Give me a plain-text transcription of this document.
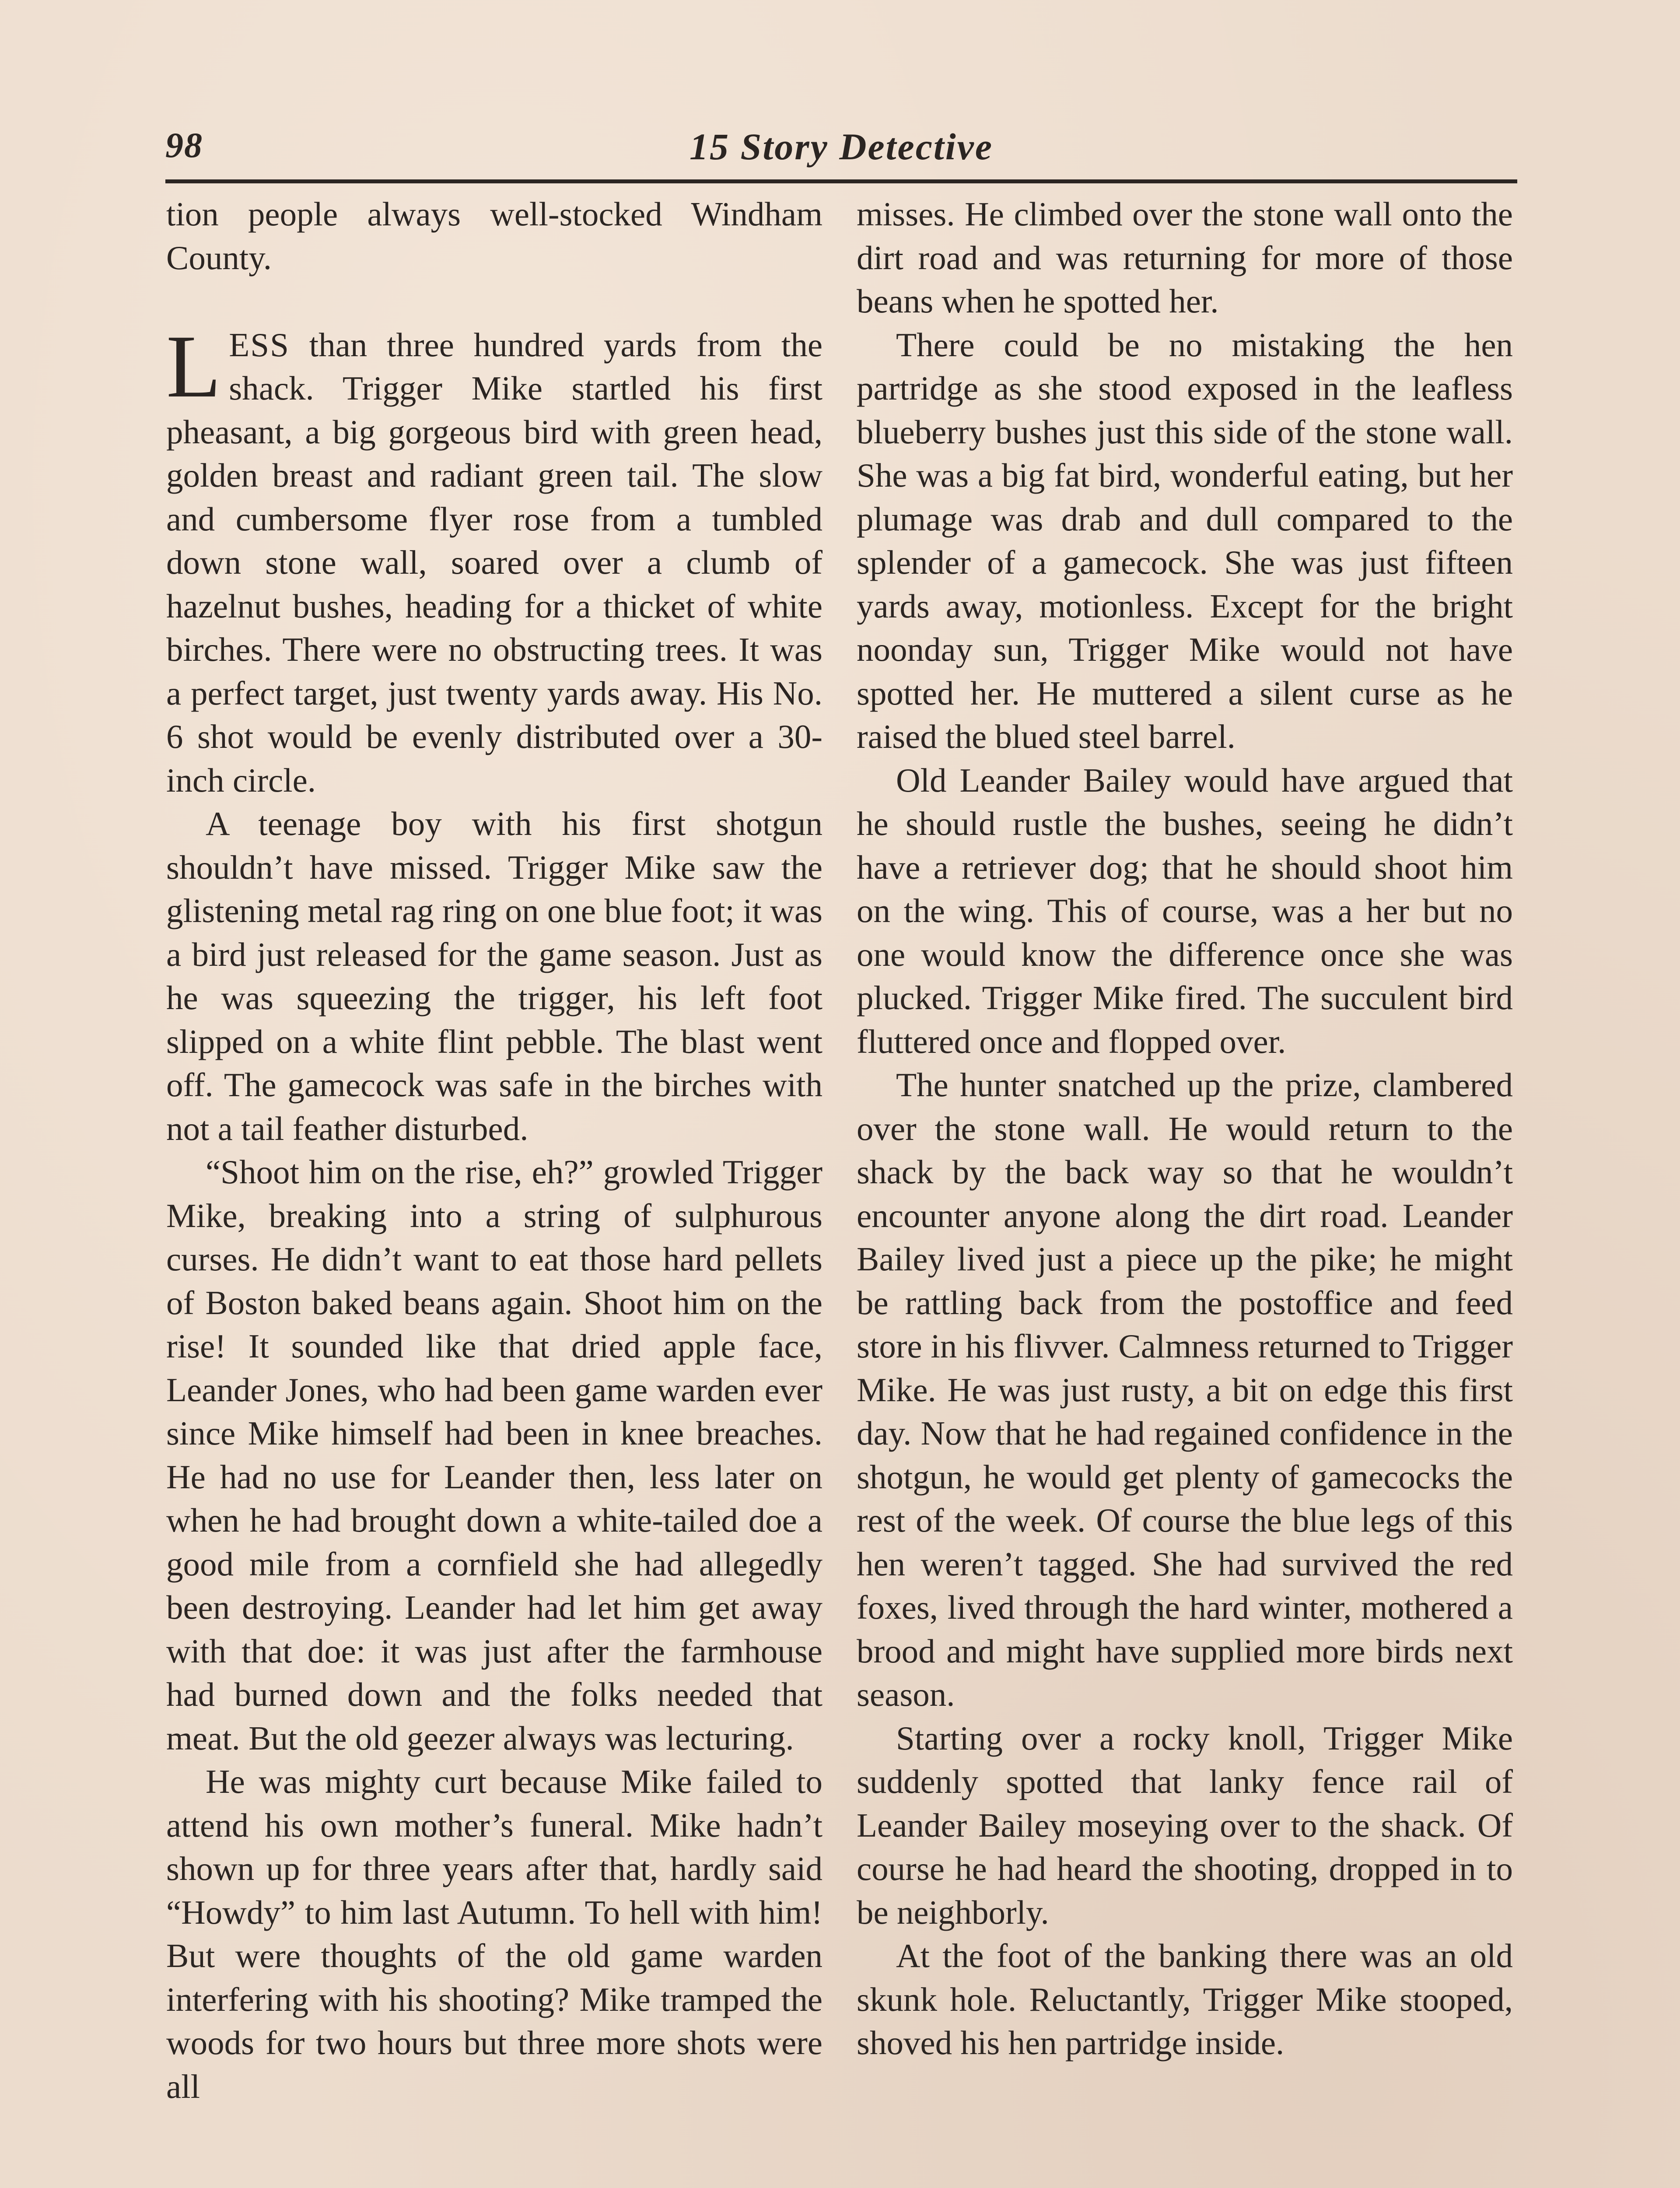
98	15 Story Detective

tion people always well-stocked Windham County.

LESS than three hundred yards from the shack. Trigger Mike startled his first pheasant, a big gorgeous bird with green head, golden breast and radiant green tail. The slow and cumbersome flyer rose from a tumbled down stone wall, soared over a clumb of hazelnut bushes, heading for a thicket of white birches. There were no obstructing trees. It was a perfect target, just twenty yards away. His No. 6 shot would be evenly distributed over a 30-inch circle.

A teenage boy with his first shotgun shouldn’t have missed. Trigger Mike saw the glistening metal rag ring on one blue foot; it was a bird just released for the game season. Just as he was squeezing the trigger, his left foot slipped on a white flint pebble. The blast went off. The gamecock was safe in the birches with not a tail feather disturbed.

“Shoot him on the rise, eh?” growled Trigger Mike, breaking into a string of sulphurous curses. He didn’t want to eat those hard pellets of Boston baked beans again. Shoot him on the rise! It sounded like that dried apple face, Leander Jones, who had been game warden ever since Mike himself had been in knee breaches. He had no use for Leander then, less later on when he had brought down a white-tailed doe a good mile from a cornfield she had allegedly been destroying. Leander had let him get away with that doe: it was just after the farmhouse had burned down and the folks needed that meat. But the old geezer always was lecturing.

He was mighty curt because Mike failed to attend his own mother’s funeral. Mike hadn’t shown up for three years after that, hardly said “Howdy” to him last Autumn. To hell with him! But were thoughts of the old game warden interfering with his shooting? Mike tramped the woods for two hours but three more shots were all

misses. He climbed over the stone wall onto the dirt road and was returning for more of those beans when he spotted her.

There could be no mistaking the hen partridge as she stood exposed in the leafless blueberry bushes just this side of the stone wall. She was a big fat bird, wonderful eating, but her plumage was drab and dull compared to the splender of a gamecock. She was just fifteen yards away, motionless. Except for the bright noonday sun, Trigger Mike would not have spotted her. He muttered a silent curse as he raised the blued steel barrel.

Old Leander Bailey would have argued that he should rustle the bushes, seeing he didn’t have a retriever dog; that he should shoot him on the wing. This of course, was a her but no one would know the difference once she was plucked. Trigger Mike fired. The succulent bird fluttered once and flopped over.

The hunter snatched up the prize, clambered over the stone wall. He would return to the shack by the back way so that he wouldn’t encounter anyone along the dirt road. Leander Bailey lived just a piece up the pike; he might be rattling back from the postoffice and feed store in his flivver. Calmness returned to Trigger Mike. He was just rusty, a bit on edge this first day. Now that he had regained confidence in the shotgun, he would get plenty of gamecocks the rest of the week. Of course the blue legs of this hen weren’t tagged. She had survived the red foxes, lived through the hard winter, mothered a brood and might have supplied more birds next season.

Starting over a rocky knoll, Trigger Mike suddenly spotted that lanky fence rail of Leander Bailey moseying over to the shack. Of course he had heard the shooting, dropped in to be neighborly.

At the foot of the banking there was an old skunk hole. Reluctantly, Trigger Mike stooped, shoved his hen partridge inside.
